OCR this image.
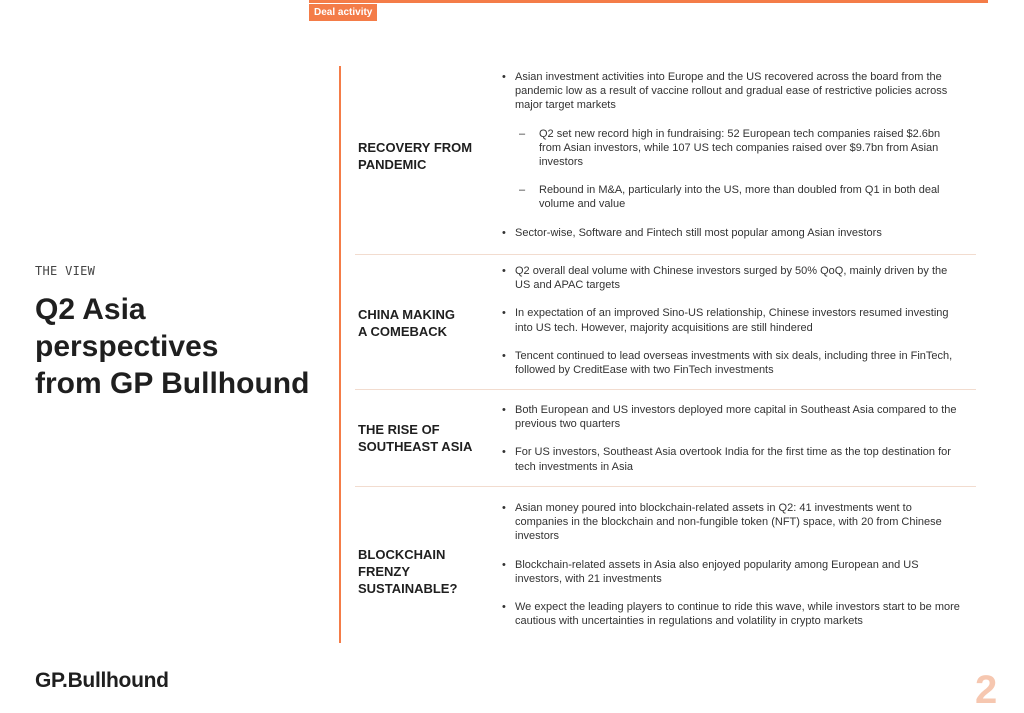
Deal activity
THE VIEW
Q2 Asia
perspectives
from GP Bullhound
RECOVERY FROM
PANDEMIC
• Asian investment activities into Europe and the US recovered across the board from the pandemic low as a result of vaccine rollout and gradual ease of restrictive policies across major target markets
– Q2 set new record high in fundraising: 52 European tech companies raised $2.6bn from Asian investors, while 107 US tech companies raised over $9.7bn from Asian investors
– Rebound in M&A, particularly into the US, more than doubled from Q1 in both deal volume and value
• Sector-wise, Software and Fintech still most popular among Asian investors
CHINA MAKING
A COMEBACK
• Q2 overall deal volume with Chinese investors surged by 50% QoQ, mainly driven by the US and APAC targets
• In expectation of an improved Sino-US relationship, Chinese investors resumed investing into US tech. However, majority acquisitions are still hindered
• Tencent continued to lead overseas investments with six deals, including three in FinTech, followed by CreditEase with two FinTech investments
THE RISE OF
SOUTHEAST ASIA
• Both European and US investors deployed more capital in Southeast Asia compared to the previous two quarters
• For US investors, Southeast Asia overtook India for the first time as the top destination for tech investments in Asia
BLOCKCHAIN
FRENZY
SUSTAINABLE?
• Asian money poured into blockchain-related assets in Q2: 41 investments went to companies in the blockchain and non-fungible token (NFT) space, with 20 from Chinese investors
• Blockchain-related assets in Asia also enjoyed popularity among European and US investors, with 21 investments
• We expect the leading players to continue to ride this wave, while investors start to be more cautious with uncertainties in regulations and volatility in crypto markets
GP.Bullhound	2
